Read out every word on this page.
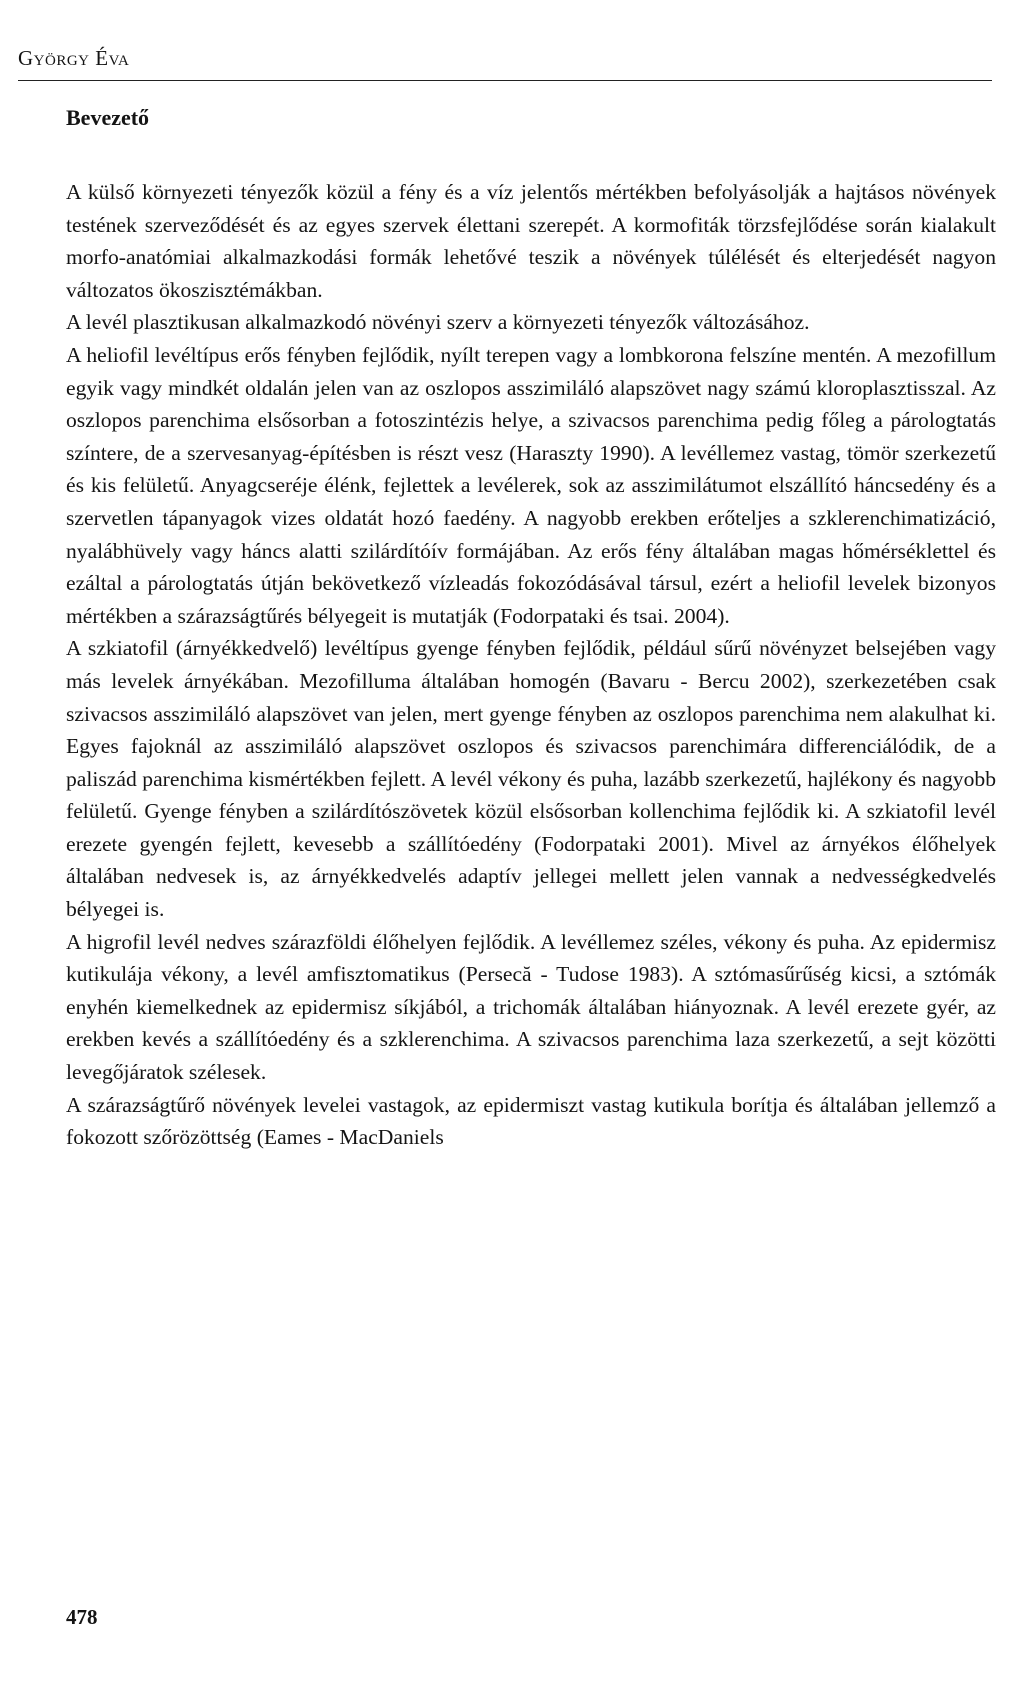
György Éva
Bevezető

A külső környezeti tényezők közül a fény és a víz jelentős mértékben befolyásolják a hajtásos növények testének szerveződését és az egyes szervek élettani szerepét. A kormofiták törzsfejlődése során kialakult morfo-anatómiai alkalmazkodási formák lehetővé teszik a növények túlélését és elterjedését nagyon változatos ökoszisztémákban.

A levél plasztikusan alkalmazkodó növényi szerv a környezeti tényezők változásához.

A heliofil levéltípus erős fényben fejlődik, nyílt terepen vagy a lombkorona felszíne mentén. A mezofillum egyik vagy mindkét oldalán jelen van az oszlopos asszimiláló alapszövet nagy számú kloroplasztisszal. Az oszlopos parenchima elsősorban a fotoszintézis helye, a szivacsos parenchima pedig főleg a párologtatás színtere, de a szervesanyag-építésben is részt vesz (Haraszty 1990). A levéllemez vastag, tömör szerkezetű és kis felületű. Anyagcseréje élénk, fejlettek a levélerek, sok az asszimilátumot elszállító háncsedény és a szervetlen tápanyagok vizes oldatát hozó faedény. A nagyobb erekben erőteljes a szklerenchimatizáció, nyalábhüvely vagy háncs alatti szilárdítóív formájában. Az erős fény általában magas hőmérséklettel és ezáltal a párologtatás útján bekövetkező vízleadás fokozódásával társul, ezért a heliofil levelek bizonyos mértékben a szárazságtűrés bélyegeit is mutatják (Fodorpataki és tsai. 2004).

A szkiatofil (árnyékkedvelő) levéltípus gyenge fényben fejlődik, például sűrű növényzet belsejében vagy más levelek árnyékában. Mezofilluma általában homogén (Bavaru - Bercu 2002), szerkezetében csak szivacsos asszimiláló alapszövet van jelen, mert gyenge fényben az oszlopos parenchima nem alakulhat ki. Egyes fajoknál az asszimiláló alapszövet oszlopos és szivacsos parenchimára differenciálódik, de a paliszád parenchima kismértékben fejlett. A levél vékony és puha, lazább szerkezetű, hajlékony és nagyobb felületű. Gyenge fényben a szilárdítószövetek közül elsősorban kollenchima fejlődik ki. A szkiatofil levél erezete gyengén fejlett, kevesebb a szállítóedény (Fodorpataki 2001). Mivel az árnyékos élőhelyek általában nedvesek is, az árnyékkedvelés adaptív jellegei mellett jelen vannak a nedvességkedvelés bélyegei is.

A higrofil levél nedves szárazföldi élőhelyen fejlődik. A levéllemez széles, vékony és puha. Az epidermisz kutikulája vékony, a levél amfisztomatikus (Persecă - Tudose 1983). A sztómasűrűség kicsi, a sztómák enyhén kiemelkednek az epidermisz síkjából, a trichomák általában hiányoznak. A levél erezete gyér, az erekben kevés a szállítóedény és a szklerenchima. A szivacsos parenchima laza szerkezetű, a sejt közötti levegőjáratok szélesek.

A szárazságtűrő növények levelei vastagok, az epidermiszt vastag kutikula borítja és általában jellemző a fokozott szőrözöttség (Eames - MacDaniels

478
